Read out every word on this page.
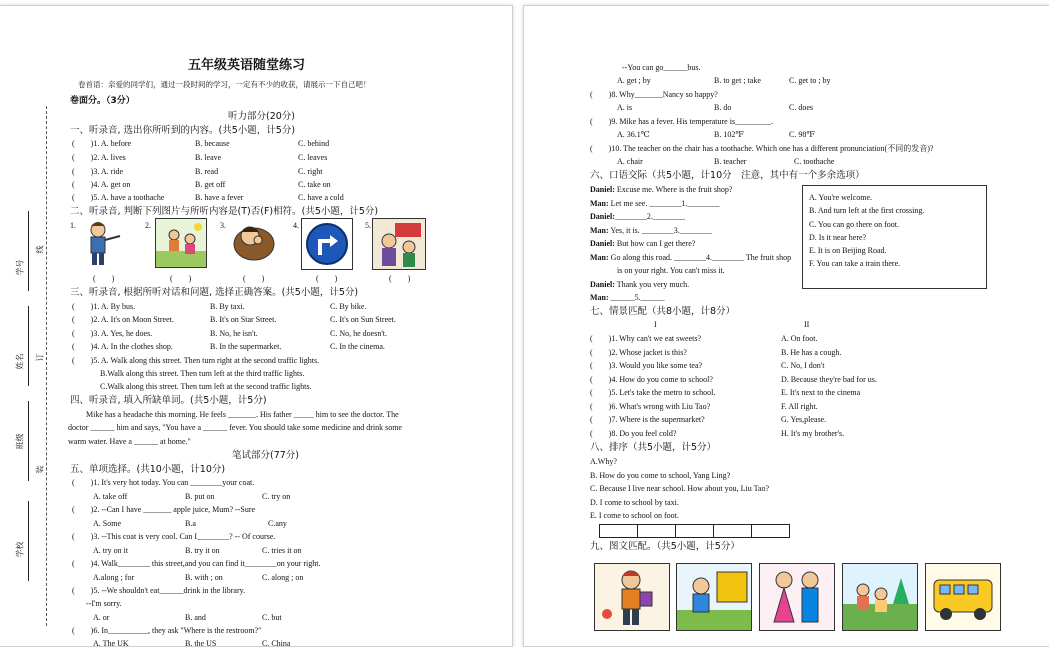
学号
线
姓名 订
班级
装
学校
五年级英语随堂练习
卷首语：亲爱的同学们，通过一段时间的学习，一定有不少的收获，请展示一下自己吧！
卷面分。（3分）
听力部分(20分)
一、听录音, 选出你所听到的内容。(共5小题，计5分)
(　　)1. A. before	B. because	C. behind
(　　)2. A. lives	B. leave	C. leaves
(　　)3. A. ride	B. read	C. right
(　　)4. A. get on	B. get off	C. take on
(　　)5. A. have a toothache	B. have a fever	C. have a cold
二、听录音, 判断下列图片与所听内容是(T)否(F)相符。(共5小题，计5分)
1.	2.	3.	4.	5.
(　　)	(　　)	(　　)	(　　)	(　　)
三、听录音, 根据所听对话和问题, 选择正确答案。(共5小题，计5分)
(　　)1. A. By bus.	B. By taxi.	C. By bike.
(　　)2. A. It's on Moon Street.	B. It's on Star Street.	C. It's on Sun Street.
(　　)3. A. Yes, he does.	B. No, he isn't.	C. No, he doesn't.
(　　)4. A. In the clothes shop.	B. In the supermarket.	C. In the cinema.
(　　)5. A. Walk along this street. Then turn right at the second traffic lights.
B.Walk along this street. Then turn left at the third traffic lights.
C.Walk along this street. Then turn left at the second traffic lights.
四、听录音, 填入所缺单词。(共5小题，计5分)
Mike has a headache this morning. He feels _______. His father _____ him to see the doctor. The
doctor ______ him and says, "You have a ______ fever. You should take some medicine and drink some
warm water. Have a ______ at home."
笔试部分(77分)
五、单项选择。(共10小题，计10分)
(　　)1. It's very hot today. You can ________your coat.
A. take off	B. put on	C. try on
(　　)2. --Can I have _______ apple juice, Mum? --Sure
A. Some	B.a	C.any
(　　)3. --This coat is very cool. Can I________? -- Of course.
A. try on it	B. try it on	C. tries it on
(　　)4. Walk________ this street,and you can find it________on your right.
A.along ; for	B. with ; on	C. along ; on
(　　)5. --We shouldn't eat______drink in the library.
--I'm sorry.
A. or	B. and	C. but
(　　)6. In__________, they ask "Where is the restroom?"
A. The UK	B. the US	C. China
--You can go______bus.
A. get ; by	B. to get ; take	C. get to ; by
(　　)8. Why_______Nancy so happy?
A. is	B. do	C. does
(　　)9. Mike has a fever. His temperature is_________.
A. 36.1℃	B. 102℉	C. 98℉
(　　)10. The teacher on the chair has a toothache. Which one has a different pronunciation(不同的发音)?
A. chair	B. teacher	C. toothache
六、口语交际（共5小题，计10分　注意，其中有一个多余选项）
Daniel: Excuse me. Where is the fruit shop?
Man: Let me see. ________1.________
Daniel:________2.________
Man: Yes, it is. ________3.________
Daniel: But how can I get there?
Man: Go along this road. ________4.________ The fruit shop
is on your right. You can't miss it.
Daniel: Thank you very much.
Man: ______5.______
A. You're welcome.
B. And turn left at the first crossing.
C. You can go there on foot.
D. Is it near here?
E. It is on Beijing Road.
F. You can take a train there.
七、情景匹配（共8小题，计8分）
I	II
(　　)1. Why can't we eat sweets?	A. On foot.
(　　)2. Whose jacket is this?	B. He has a cough.
(　　)3. Would you like some tea?	C. No, I don't
(　　)4. How do you come to school?	D. Because they're bad for us.
(　　)5. Let's take the metro to school.	E. It's next to the cinema
(　　)6. What's wrong with Liu Tao?	F. All right.
(　　)7. Where is the supermarket?	G. Yes,please.
(　　)8. Do you feel cold?	H. It's my brother's.
八、排序（共5小题，计5分）
A.Why?
B. How do you come to school, Yang Ling?
C. Because I live near school. How about you, Liu Tao?
D. I come to school by taxi.
E. I come to school on foot.
九、图文匹配。（共5小题，计5分）
